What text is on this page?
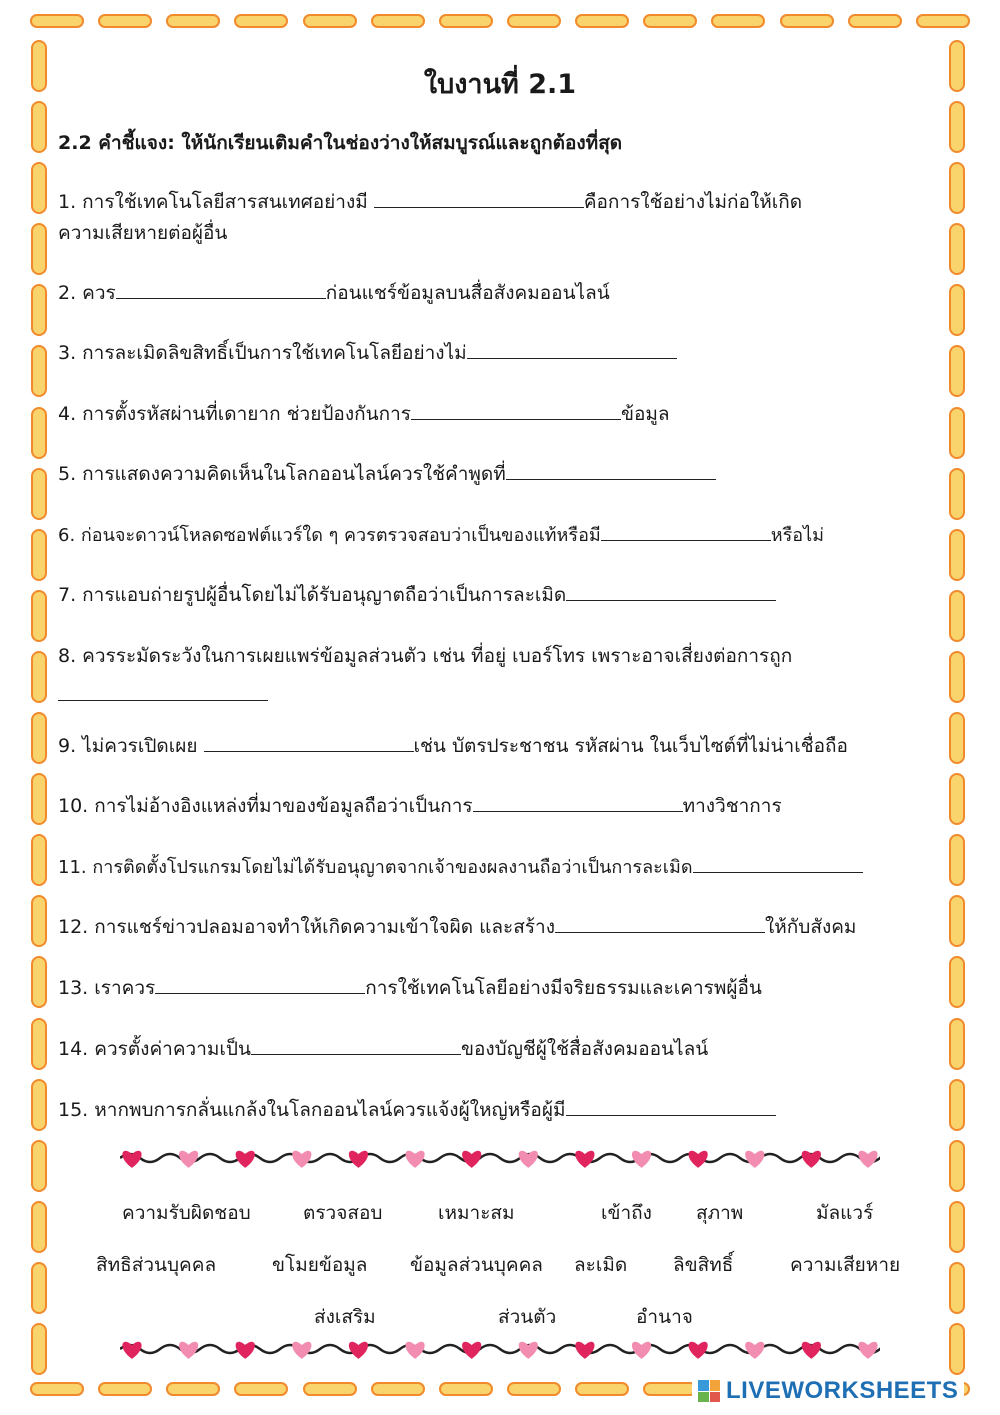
ใบงานที่ 2.1
2.2 คำชี้แจง: ให้นักเรียนเติมคำในช่องว่างให้สมบูรณ์และถูกต้องที่สุด
1. การใช้เทคโนโลยีสารสนเทศอย่างมี	คือการใช้อย่างไม่ก่อให้เกิด
ความเสียหายต่อผู้อื่น
2. ควร	ก่อนแชร์ข้อมูลบนสื่อสังคมออนไลน์
3. การละเมิดลิขสิทธิ์เป็นการใช้เทคโนโลยีอย่างไม่
4. การตั้งรหัสผ่านที่เดายาก ช่วยป้องกันการ	ข้อมูล
5. การแสดงความคิดเห็นในโลกออนไลน์ควรใช้คำพูดที่
6. ก่อนจะดาวน์โหลดซอฟต์แวร์ใด ๆ ควรตรวจสอบว่าเป็นของแท้หรือมี	หรือไม่
7. การแอบถ่ายรูปผู้อื่นโดยไม่ได้รับอนุญาตถือว่าเป็นการละเมิด
8. ควรระมัดระวังในการเผยแพร่ข้อมูลส่วนตัว เช่น ที่อยู่ เบอร์โทร เพราะอาจเสี่ยงต่อการถูก

9. ไม่ควรเปิดเผย	เช่น บัตรประชาชน รหัสผ่าน ในเว็บไซต์ที่ไม่น่าเชื่อถือ
10. การไม่อ้างอิงแหล่งที่มาของข้อมูลถือว่าเป็นการ	ทางวิชาการ
11. การติดตั้งโปรแกรมโดยไม่ได้รับอนุญาตจากเจ้าของผลงานถือว่าเป็นการละเมิด
12. การแชร์ข่าวปลอมอาจทำให้เกิดความเข้าใจผิด และสร้าง	ให้กับสังคม
13. เราควร	การใช้เทคโนโลยีอย่างมีจริยธรรมและเคารพผู้อื่น
14. ควรตั้งค่าความเป็น	ของบัญชีผู้ใช้สื่อสังคมออนไลน์
15. หากพบการกลั่นแกล้งในโลกออนไลน์ควรแจ้งผู้ใหญ่หรือผู้มี
ความรับผิดชอบ	ตรวจสอบ	เหมาะสม	เข้าถึง สุภาพ	มัลแวร์
สิทธิส่วนบุคคล	ขโมยข้อมูล ข้อมูลส่วนบุคคล ละเมิด ลิขสิทธิ์	ความเสียหาย
ส่งเสริม	ส่วนตัว	อำนาจ
LIVEWORKSHEETS
